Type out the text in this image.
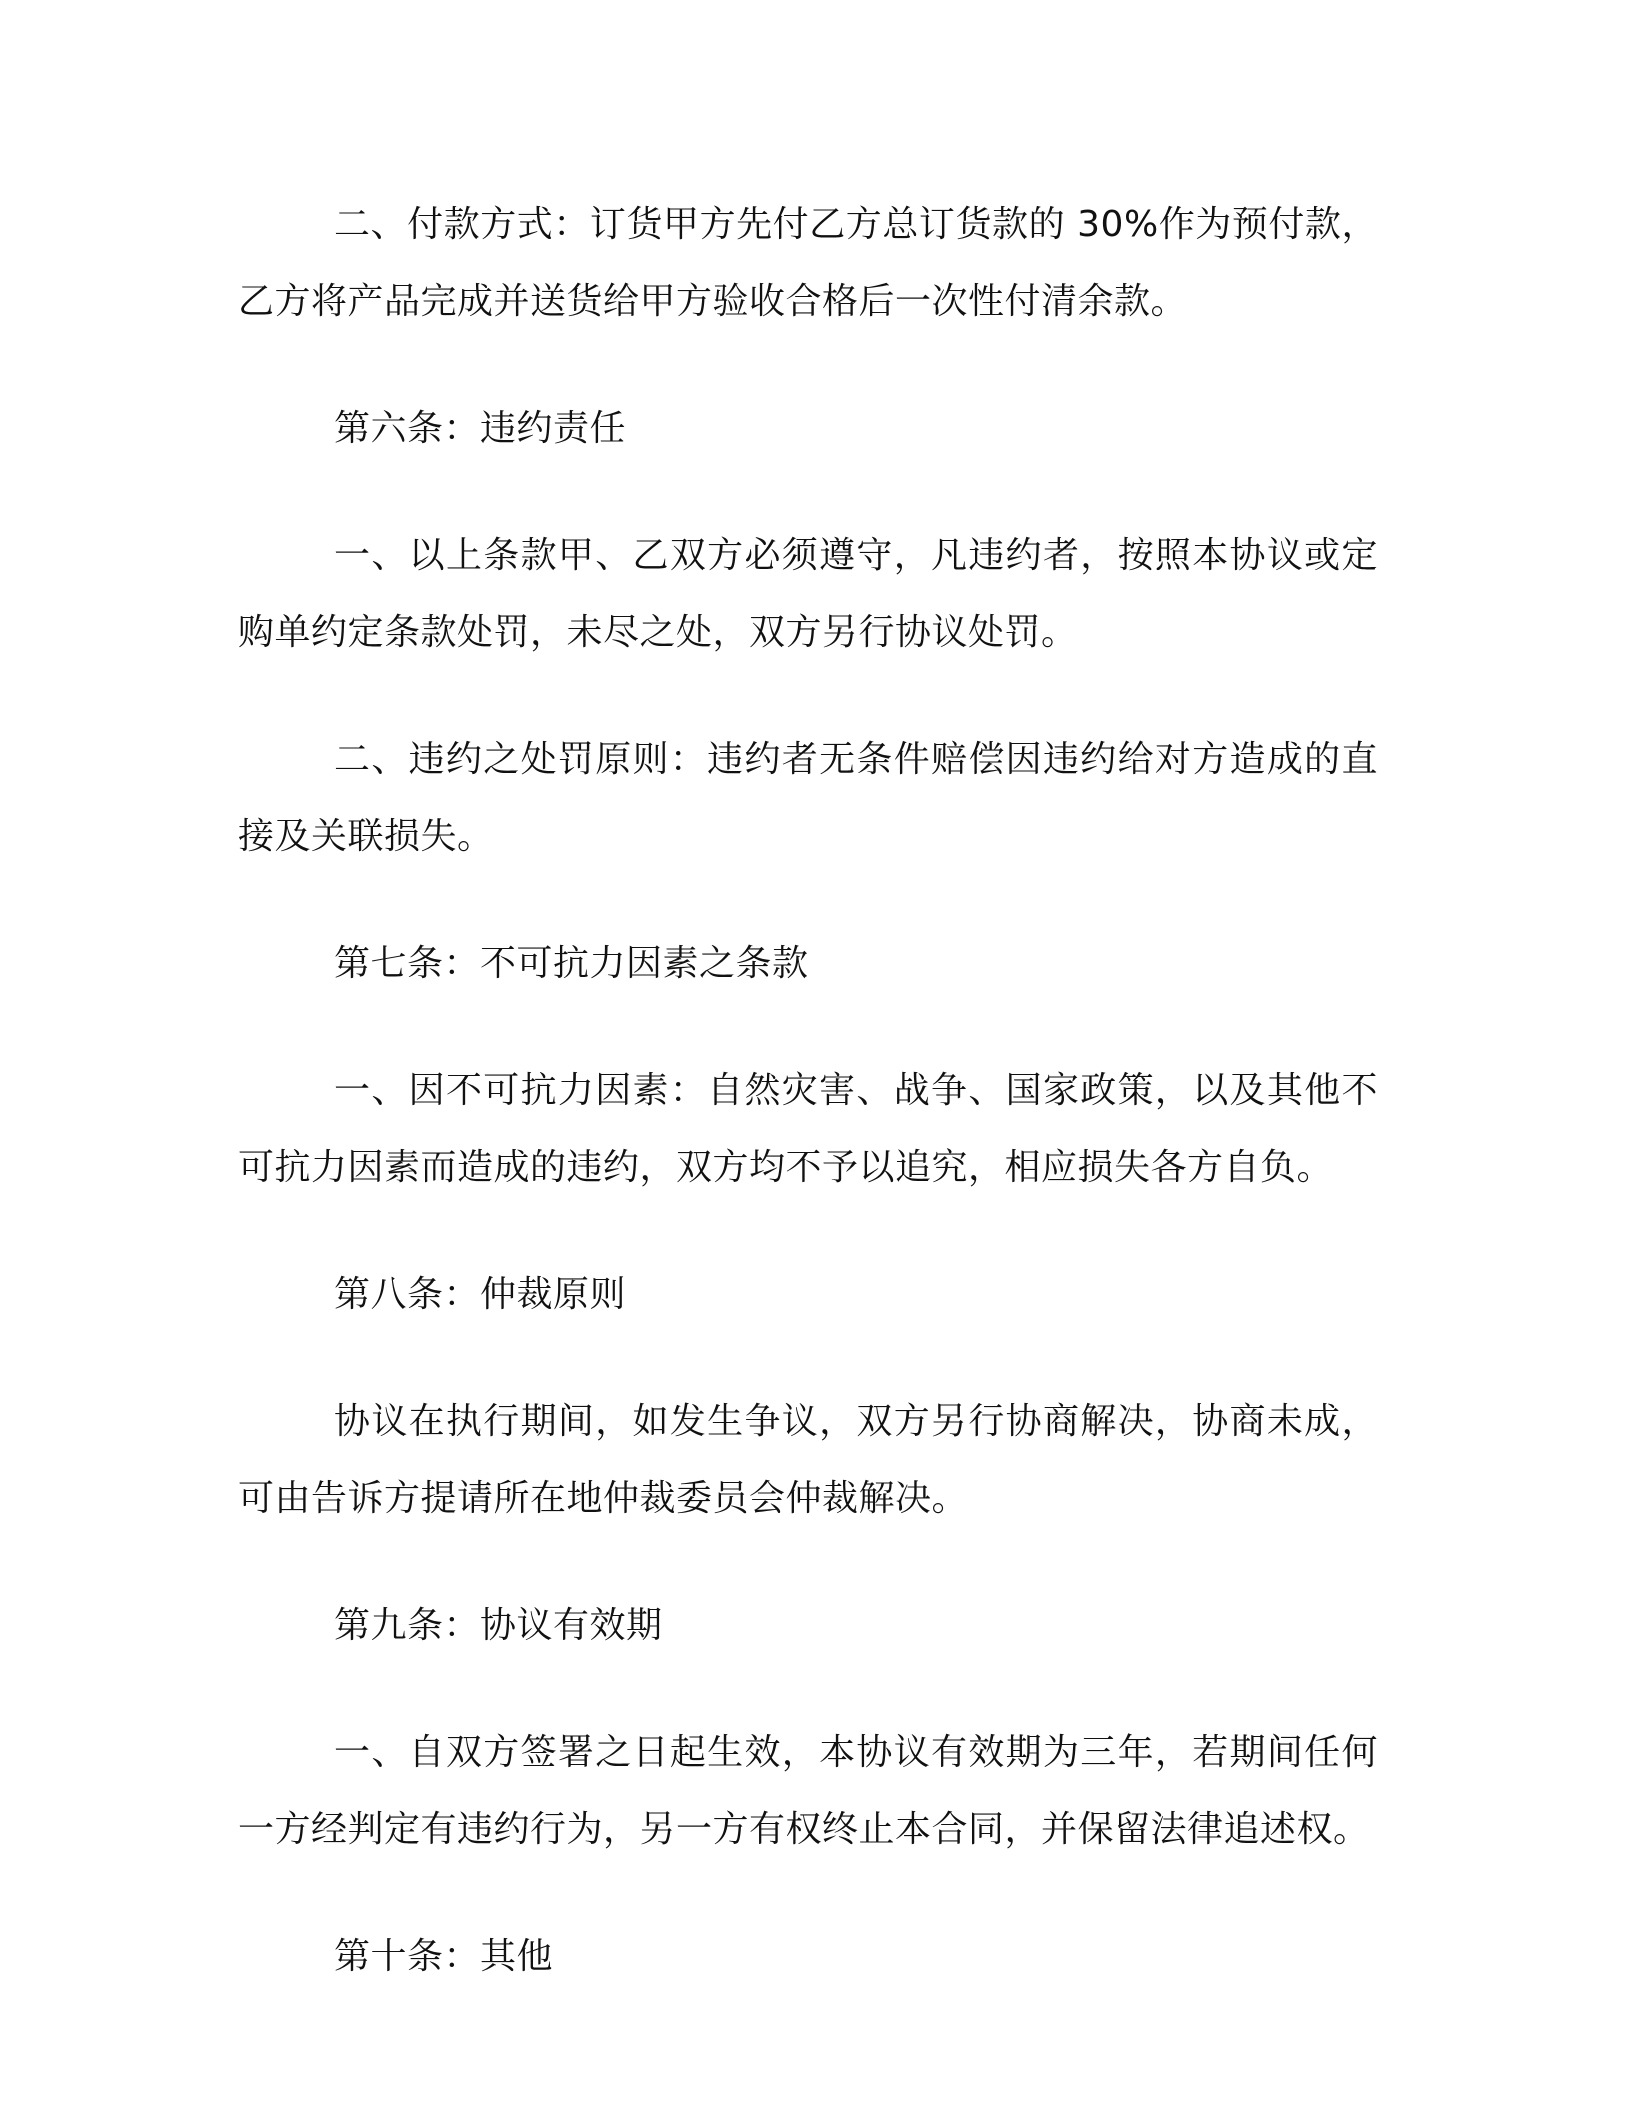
二、付款方式：订货甲方先付乙方总订货款的 30%作为预付款，乙方将产品完成并送货给甲方验收合格后一次性付清余款。

第六条：违约责任

一、以上条款甲、乙双方必须遵守，凡违约者，按照本协议或定购单约定条款处罚，未尽之处，双方另行协议处罚。

二、违约之处罚原则：违约者无条件赔偿因违约给对方造成的直接及关联损失。

第七条：不可抗力因素之条款

一、因不可抗力因素：自然灾害、战争、国家政策，以及其他不可抗力因素而造成的违约，双方均不予以追究，相应损失各方自负。

第八条：仲裁原则

协议在执行期间，如发生争议，双方另行协商解决，协商未成，可由告诉方提请所在地仲裁委员会仲裁解决。

第九条：协议有效期

一、自双方签署之日起生效，本协议有效期为三年，若期间任何一方经判定有违约行为，另一方有权终止本合同，并保留法律追述权。

第十条：其他
